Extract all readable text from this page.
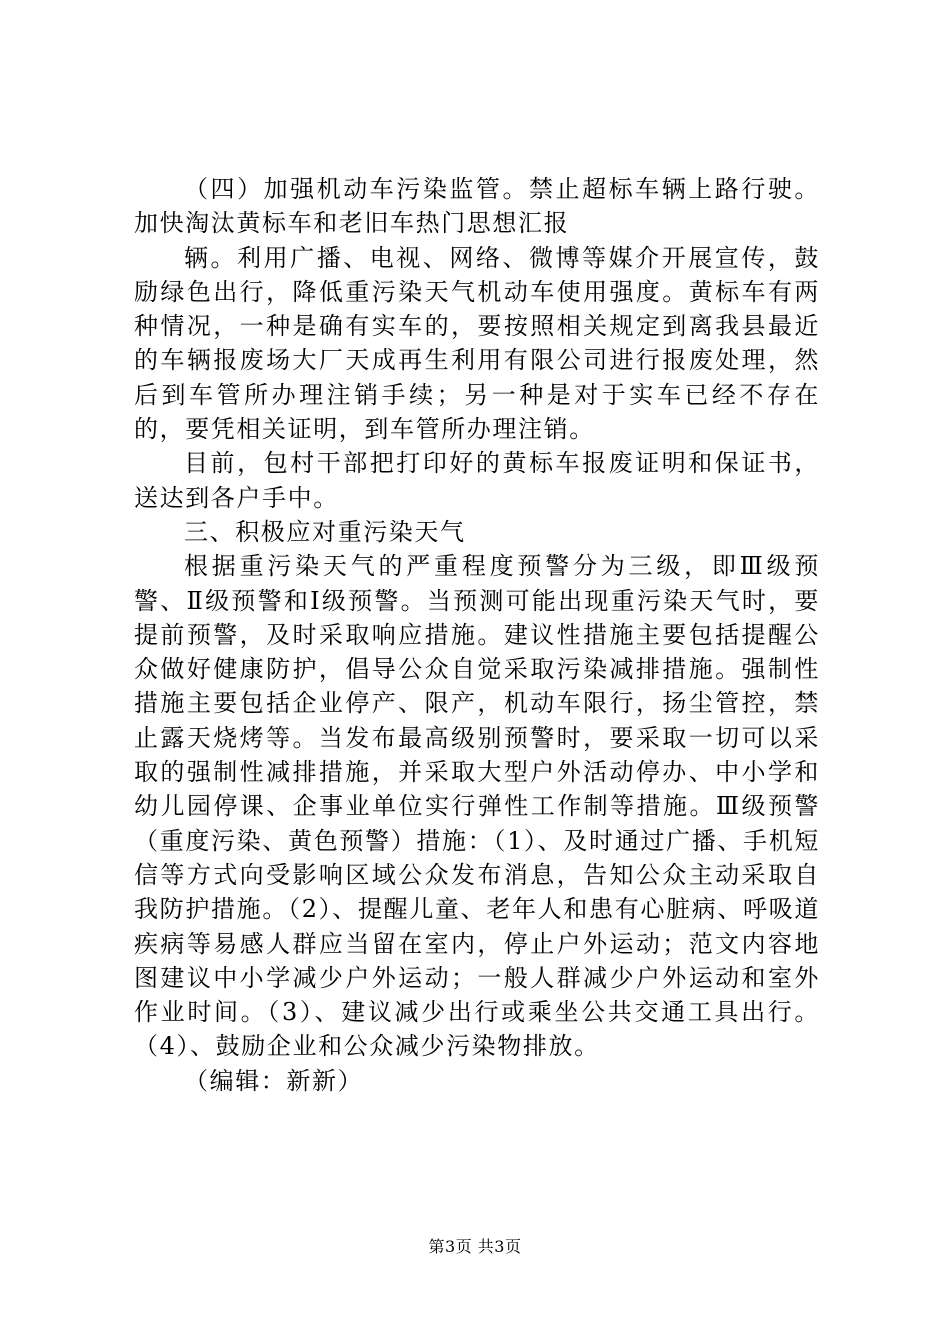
（四）加强机动车污染监管。禁止超标车辆上路行驶。加快淘汰黄标车和老旧车热门思想汇报

辆。利用广播、电视、网络、微博等媒介开展宣传，鼓励绿色出行，降低重污染天气机动车使用强度。黄标车有两种情况，一种是确有实车的，要按照相关规定到离我县最近的车辆报废场大厂天成再生利用有限公司进行报废处理，然后到车管所办理注销手续；另一种是对于实车已经不存在的，要凭相关证明，到车管所办理注销。

目前，包村干部把打印好的黄标车报废证明和保证书，送达到各户手中。

三、积极应对重污染天气

根据重污染天气的严重程度预警分为三级，即Ⅲ级预警、Ⅱ级预警和Ⅰ级预警。当预测可能出现重污染天气时，要提前预警，及时采取响应措施。建议性措施主要包括提醒公众做好健康防护，倡导公众自觉采取污染减排措施。强制性措施主要包括企业停产、限产，机动车限行，扬尘管控，禁止露天烧烤等。当发布最高级别预警时，要采取一切可以采取的强制性减排措施，并采取大型户外活动停办、中小学和幼儿园停课、企事业单位实行弹性工作制等措施。Ⅲ级预警（重度污染、黄色预警）措施：（1）、及时通过广播、手机短信等方式向受影响区域公众发布消息，告知公众主动采取自我防护措施。（2）、提醒儿童、老年人和患有心脏病、呼吸道疾病等易感人群应当留在室内，停止户外运动；范文内容地图建议中小学减少户外运动；一般人群减少户外运动和室外作业时间。（3）、建议减少出行或乘坐公共交通工具出行。（4）、鼓励企业和公众减少污染物排放。

（编辑：新新）

第3页 共3页
